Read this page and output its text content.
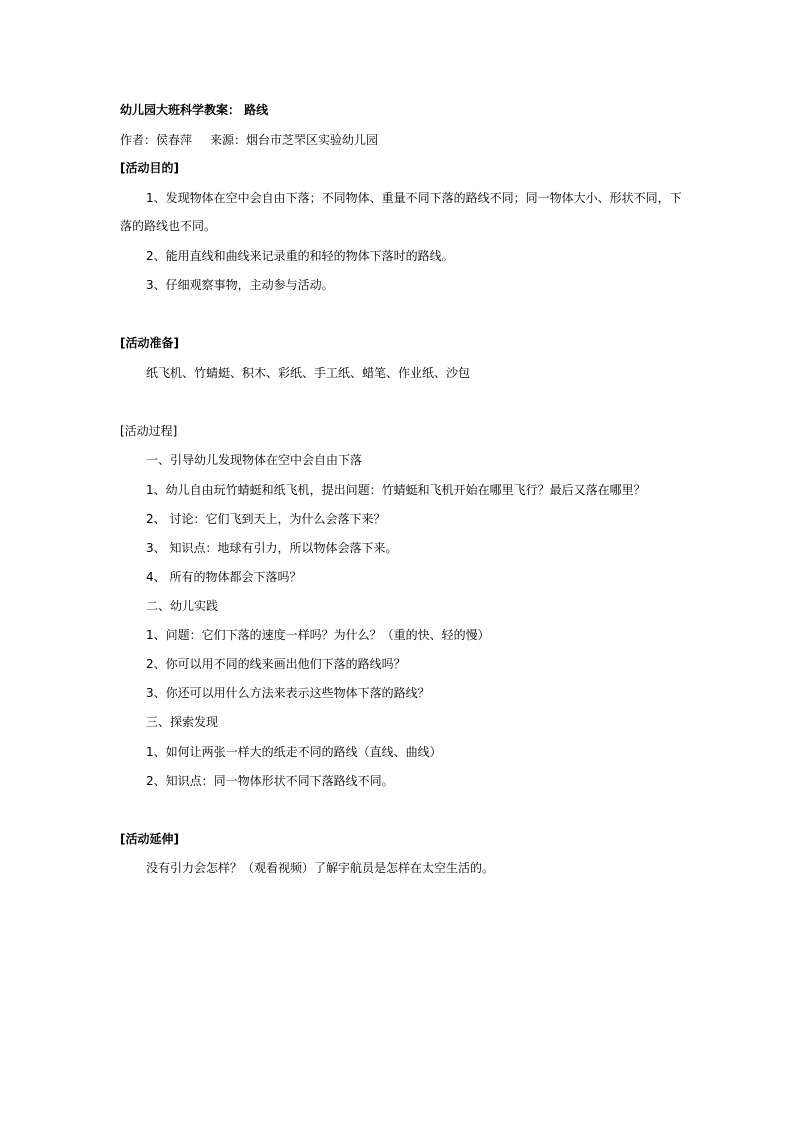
幼儿园大班科学教案： 路线
作者：侯春萍 来源：烟台市芝罘区实验幼儿园
[活动目的]
1、发现物体在空中会自由下落；不同物体、重量不同下落的路线不同；同一物体大小、形状不同，下
落的路线也不同。
2、能用直线和曲线来记录重的和轻的物体下落时的路线。
3、仔细观察事物，主动参与活动。
[活动准备]
纸飞机、竹蜻蜓、积木、彩纸、手工纸、蜡笔、作业纸、沙包
[活动过程]
一、引导幼儿发现物体在空中会自由下落
1、幼儿自由玩竹蜻蜓和纸飞机，提出问题：竹蜻蜓和飞机开始在哪里飞行？最后又落在哪里？
2、 讨论：它们飞到天上，为什么会落下来？
3、 知识点：地球有引力，所以物体会落下来。
4、 所有的物体都会下落吗？
二、幼儿实践
1、问题：它们下落的速度一样吗？为什么？（重的快、轻的慢）
2、你可以用不同的线来画出他们下落的路线吗？
3、你还可以用什么方法来表示这些物体下落的路线？
三、探索发现
1、如何让两张一样大的纸走不同的路线（直线、曲线）
2、知识点：同一物体形状不同下落路线不同。
[活动延伸]
没有引力会怎样？（观看视频）了解宇航员是怎样在太空生活的。
